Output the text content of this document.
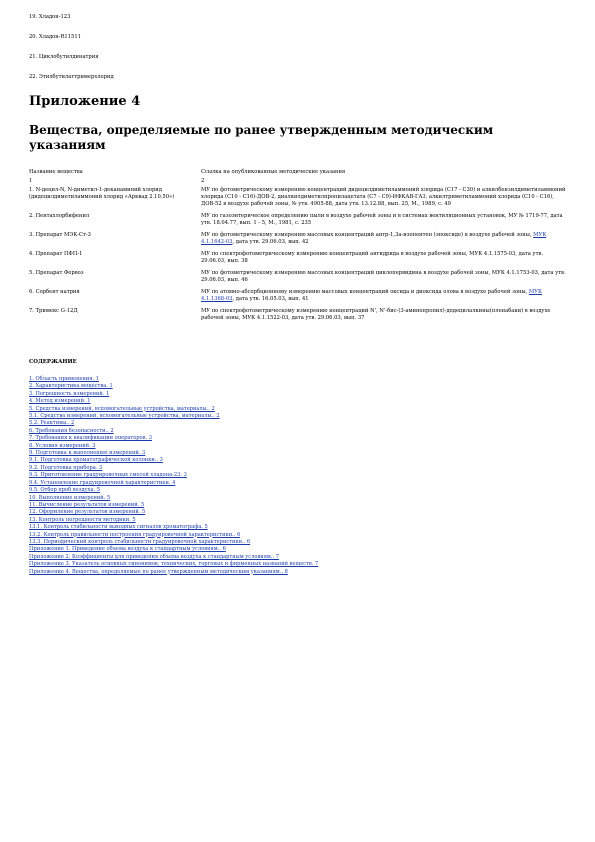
19. Хладон-123
20. Хладон-R11511
21. Циклобутилдинатрия
22. Этилбутилаттримерхлорид
Приложение 4
Вещества, определяемые по ранее утвержденным методическим указаниям
Название вещества	Ссылка на опубликованные методические указания
1	2
1. N-децил-N, N-диметил-1-деканаминий хлорид (дидецилдиметиламмоний хлорид «Арквад 2.10.50»)	МУ по фотометрическому измерению концентраций дидецилдиметиламмоний хлорида (С17 - С30) и алкилбензилдиметиламмоний хлорида (С10 - С16)-ДОВ-2, диалкилдиметилпропилацетата (С7 - С9)-ИФКАВ-ГАЗ, алкилтриметиламмоний хлорида (С10 - С16), ДОВ-52 в воздухе рабочей зоны, № утв. 4905-88, дата утв. 13.12.88, вып. 25, М., 1989, с. 49
2. Пентахлорбифенил	МУ по газоэнтерическое определению пыли в воздухе рабочей зоны и в системах вентиляционных установок, МУ № 1719-77, дата утв. 18.04.77, вып. 1 - 5, М., 1981, с. 235
3. Препарат МЭК-Ст-3	МУ по фотометрическому измерению массовых концентраций ангр-1,3а-изопентен (эпоксиде) в воздухе рабочей зоны, МУК 4.1.1642-03, дата утв. 29.06.03, вып. 42
4. Препарат ПФП-1	МУ по спектрофотометрическому измерению концентраций ангидрида в воздухе рабочей зоны, МУК 4.1.1575-03, дата утв. 29.06.03, вып. 38
5. Препарат Фервоз	МУ по фотометрическому измерению массовых концентраций циклопервидина в воздухе рабочей зоны, МУК 4.1.1753-03, дата утв. 29.06.03, вып. 46
6. Сорбент натрия	МУ по атомно-абсорбционному измерению массовых концентраций оксида и диоксида олова в воздухе рабочей зоны, МУК 4.1.1368-03, дата утв. 16.05.03, вып. 41
7. Тримекс G-12Д	МУ по спектрофотометрическому измерению концентраций N', N'-бис-(3-аминопропил)-додецилалкины(пленабаки) в воздухе рабочей зоны, МУК 4.1.1522-03, дата утв. 29.06.03, вып. 37
СОДЕРЖАНИЕ
1. Область применения. 1
2. Характеристика вещества. 1
3. Погрешность измерений. 1
4. Метод измерений. 1
5. Средства измерений, вспомогательные устройства, материалы.. 2
5.1. Средства измерений, вспомогательные устройства, материалы.. 2
5.2. Реактивы.. 2
6. Требования безопасности.. 2
7. Требования к квалификации операторов. 3
8. Условия измерений. 3
9. Подготовка к выполнению измерений. 3
9.1. Подготовка хроматографической колонки.. 3
9.2. Подготовка прибора. 3
9.3. Приготовление градуировочных смесей хладона-23. 3
9.4. Установление градуировочной характеристики. 4
9.5. Отбор проб воздуха. 5
10. Выполнение измерений. 5
11. Вычисление результатов измерений. 5
12. Оформление результатов измерений. 5
13. Контроль погрешности методики. 5
13.1. Контроль стабильности выходных сигналов хроматографа. 5
13.2. Контроль правильности построения градуировочной характеристики.. 6
13.3. Периодический контроль стабильности градуировочной характеристики.. 6
Приложение 1. Приведение объема воздуха к стандартным условиям.. 6
Приложение 2. Коэффициенты для приведения объема воздуха к стандартным условиям.. 7
Приложение 3. Указатель основных синонимов, технических, торговых и фирменных названий веществ. 7
Приложение 4. Вещества, определяемые по ранее утвержденным методическим указаниям.. 8
